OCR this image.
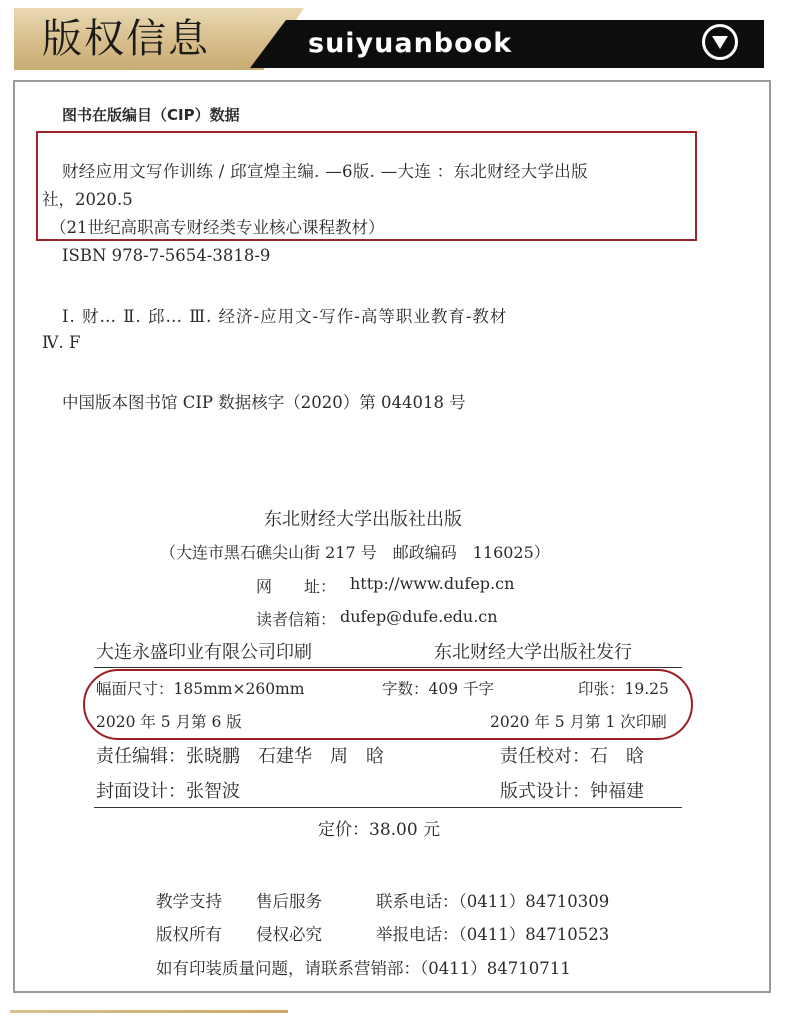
版权信息	suiyuanbook
图书在版编目（CIP）数据
财经应用文写作训练 / 邱宣煌主编. —6版. —大连 ：东北财经大学出版
社，2020.5
（21世纪高职高专财经类专业核心课程教材）
ISBN 978-7-5654-3818-9
Ⅰ. 财… Ⅱ. 邱… Ⅲ. 经济-应用文-写作-高等职业教育-教材
Ⅳ. F
中国版本图书馆 CIP 数据核字（2020）第 044018 号
东北财经大学出版社出版
（大连市黑石礁尖山街 217 号　邮政编码　116025）
网　　址： http://www.dufep.cn
读者信箱： dufep@dufe.edu.cn
大连永盛印业有限公司印刷	东北财经大学出版社发行
幅面尺寸：185mm×260mm	字数：409 千字	印张：19.25
2020 年 5 月第 6 版	2020 年 5 月第 1 次印刷
责任编辑：张晓鹏　石建华　周　晗	责任校对：石　晗
封面设计：张智波	版式设计：钟福建
定价：38.00 元
教学支持 售后服务	联系电话：（0411）84710309
版权所有 侵权必究	举报电话：（0411）84710523
如有印装质量问题，请联系营销部：（0411）84710711
